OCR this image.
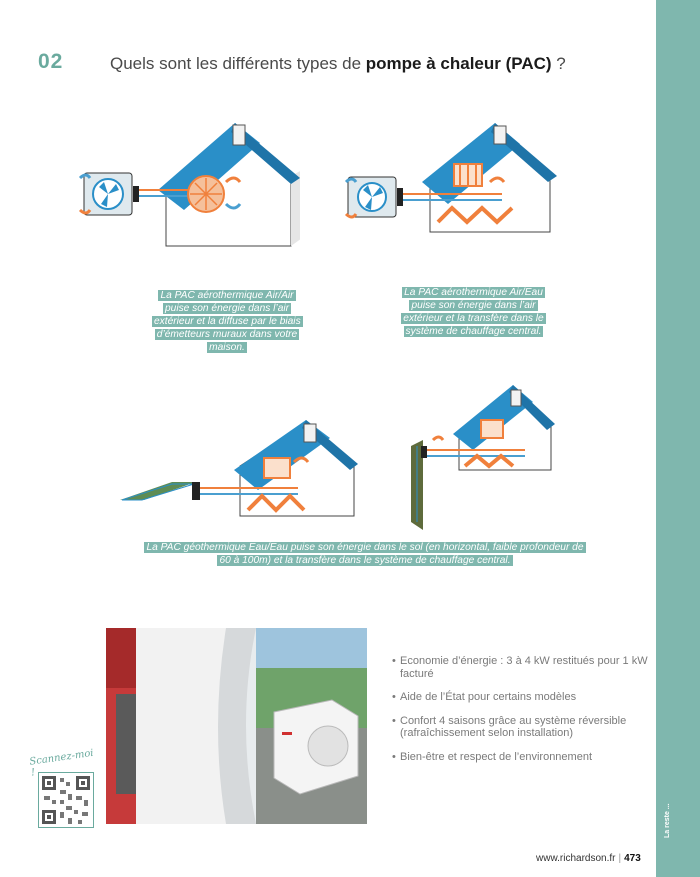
La reste ...
02	Quels sont les différents types de pompe à chaleur (PAC) ?
La PAC aérothermique Air/Air puise son énergie dans l’air extérieur et la diffuse par le biais d’émetteurs muraux dans votre maison.
La PAC aérothermique Air/Eau puise son énergie dans l’air extérieur et la transfère dans le système de chauffage central.
La PAC géothermique Eau/Eau puise son énergie dans le sol (en horizontal, faible profondeur de 60 à 100m) et la transfère dans le système de chauffage central.
Scannez-moi !
• Economie d’énergie : 3 à 4 kW restitués pour 1 kW facturé
• Aide de l’État pour certains modèles
• Confort 4 saisons grâce au système réversible (rafraîchissement selon installation)
• Bien-être et respect de l’environnement
www.richardson.fr | 473
